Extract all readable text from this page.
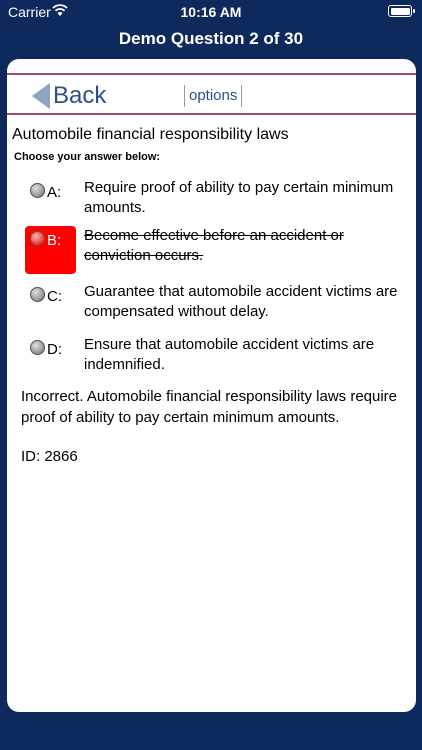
Carrier	10:16 AM
Demo Question 2 of 30
Back	options
Automobile financial responsibility laws
Choose your answer below:
A: Require proof of ability to pay certain minimum amounts.
B: Become effective before an accident or conviction occurs.
C: Guarantee that automobile accident victims are compensated without delay.
D: Ensure that automobile accident victims are indemnified.
Incorrect. Automobile financial responsibility laws require proof of ability to pay certain minimum amounts.
ID: 2866
